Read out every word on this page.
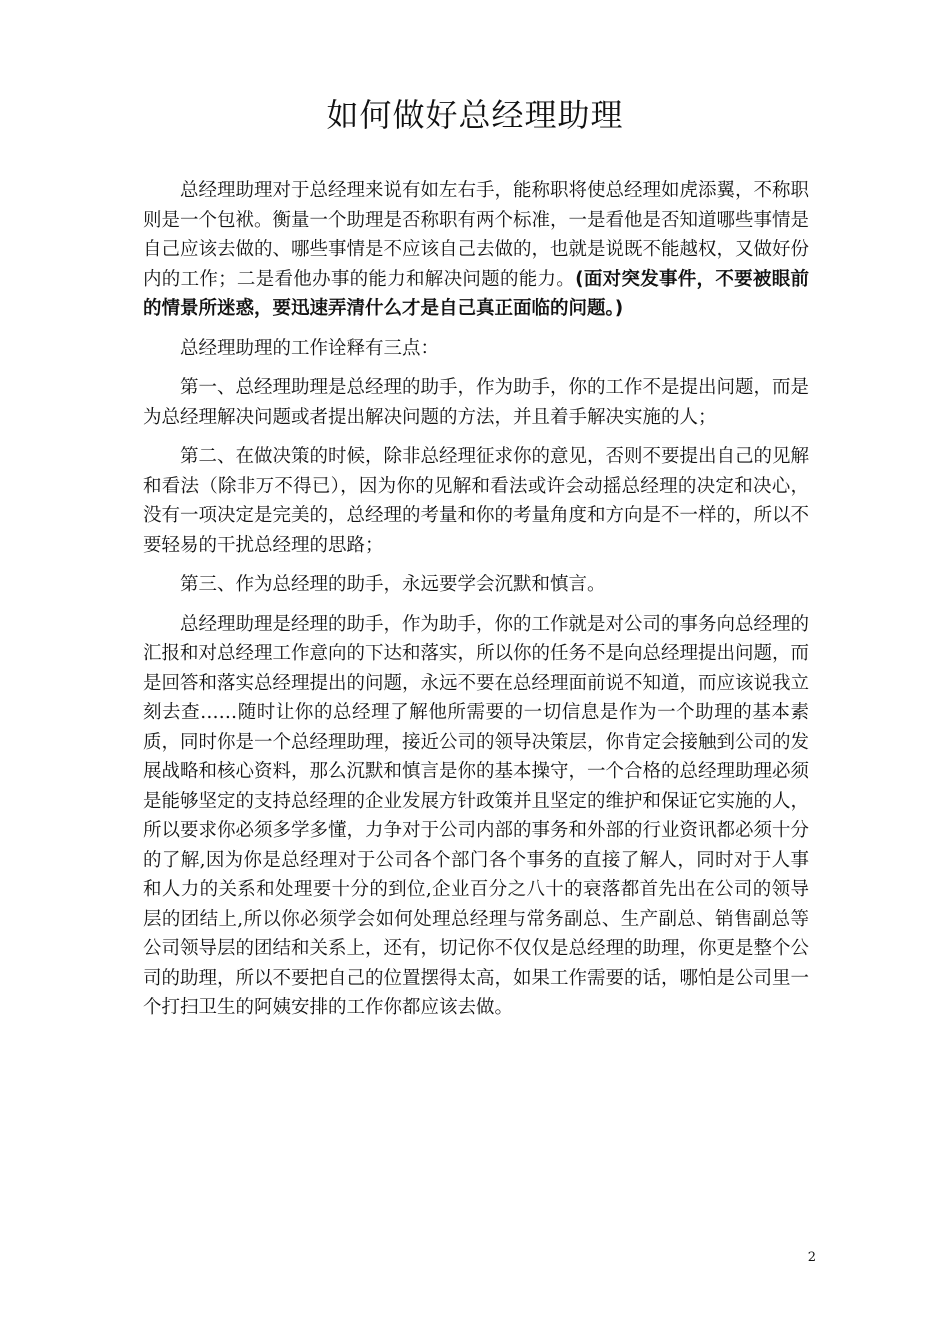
如何做好总经理助理

总经理助理对于总经理来说有如左右手，能称职将使总经理如虎添翼，不称职则是一个包袱。衡量一个助理是否称职有两个标准，一是看他是否知道哪些事情是自己应该去做的、哪些事情是不应该自己去做的，也就是说既不能越权，又做好份内的工作；二是看他办事的能力和解决问题的能力。(面对突发事件，不要被眼前的情景所迷惑，要迅速弄清什么才是自己真正面临的问题。)

总经理助理的工作诠释有三点：

第一、总经理助理是总经理的助手，作为助手，你的工作不是提出问题，而是为总经理解决问题或者提出解决问题的方法，并且着手解决实施的人；

第二、在做决策的时候，除非总经理征求你的意见，否则不要提出自己的见解和看法（除非万不得已），因为你的见解和看法或许会动摇总经理的决定和决心，没有一项决定是完美的，总经理的考量和你的考量角度和方向是不一样的，所以不要轻易的干扰总经理的思路；

第三、作为总经理的助手，永远要学会沉默和慎言。

总经理助理是经理的助手，作为助手，你的工作就是对公司的事务向总经理的汇报和对总经理工作意向的下达和落实，所以你的任务不是向总经理提出问题，而是回答和落实总经理提出的问题，永远不要在总经理面前说不知道，而应该说我立刻去查……随时让你的总经理了解他所需要的一切信息是作为一个助理的基本素质，同时你是一个总经理助理，接近公司的领导决策层，你肯定会接触到公司的发展战略和核心资料，那么沉默和慎言是你的基本操守，一个合格的总经理助理必须是能够坚定的支持总经理的企业发展方针政策并且坚定的维护和保证它实施的人，所以要求你必须多学多懂，力争对于公司内部的事务和外部的行业资讯都必须十分的了解,因为你是总经理对于公司各个部门各个事务的直接了解人，同时对于人事和人力的关系和处理要十分的到位,企业百分之八十的衰落都首先出在公司的领导层的团结上,所以你必须学会如何处理总经理与常务副总、生产副总、销售副总等公司领导层的团结和关系上，还有，切记你不仅仅是总经理的助理，你更是整个公司的助理，所以不要把自己的位置摆得太高，如果工作需要的话，哪怕是公司里一个打扫卫生的阿姨安排的工作你都应该去做。

2
